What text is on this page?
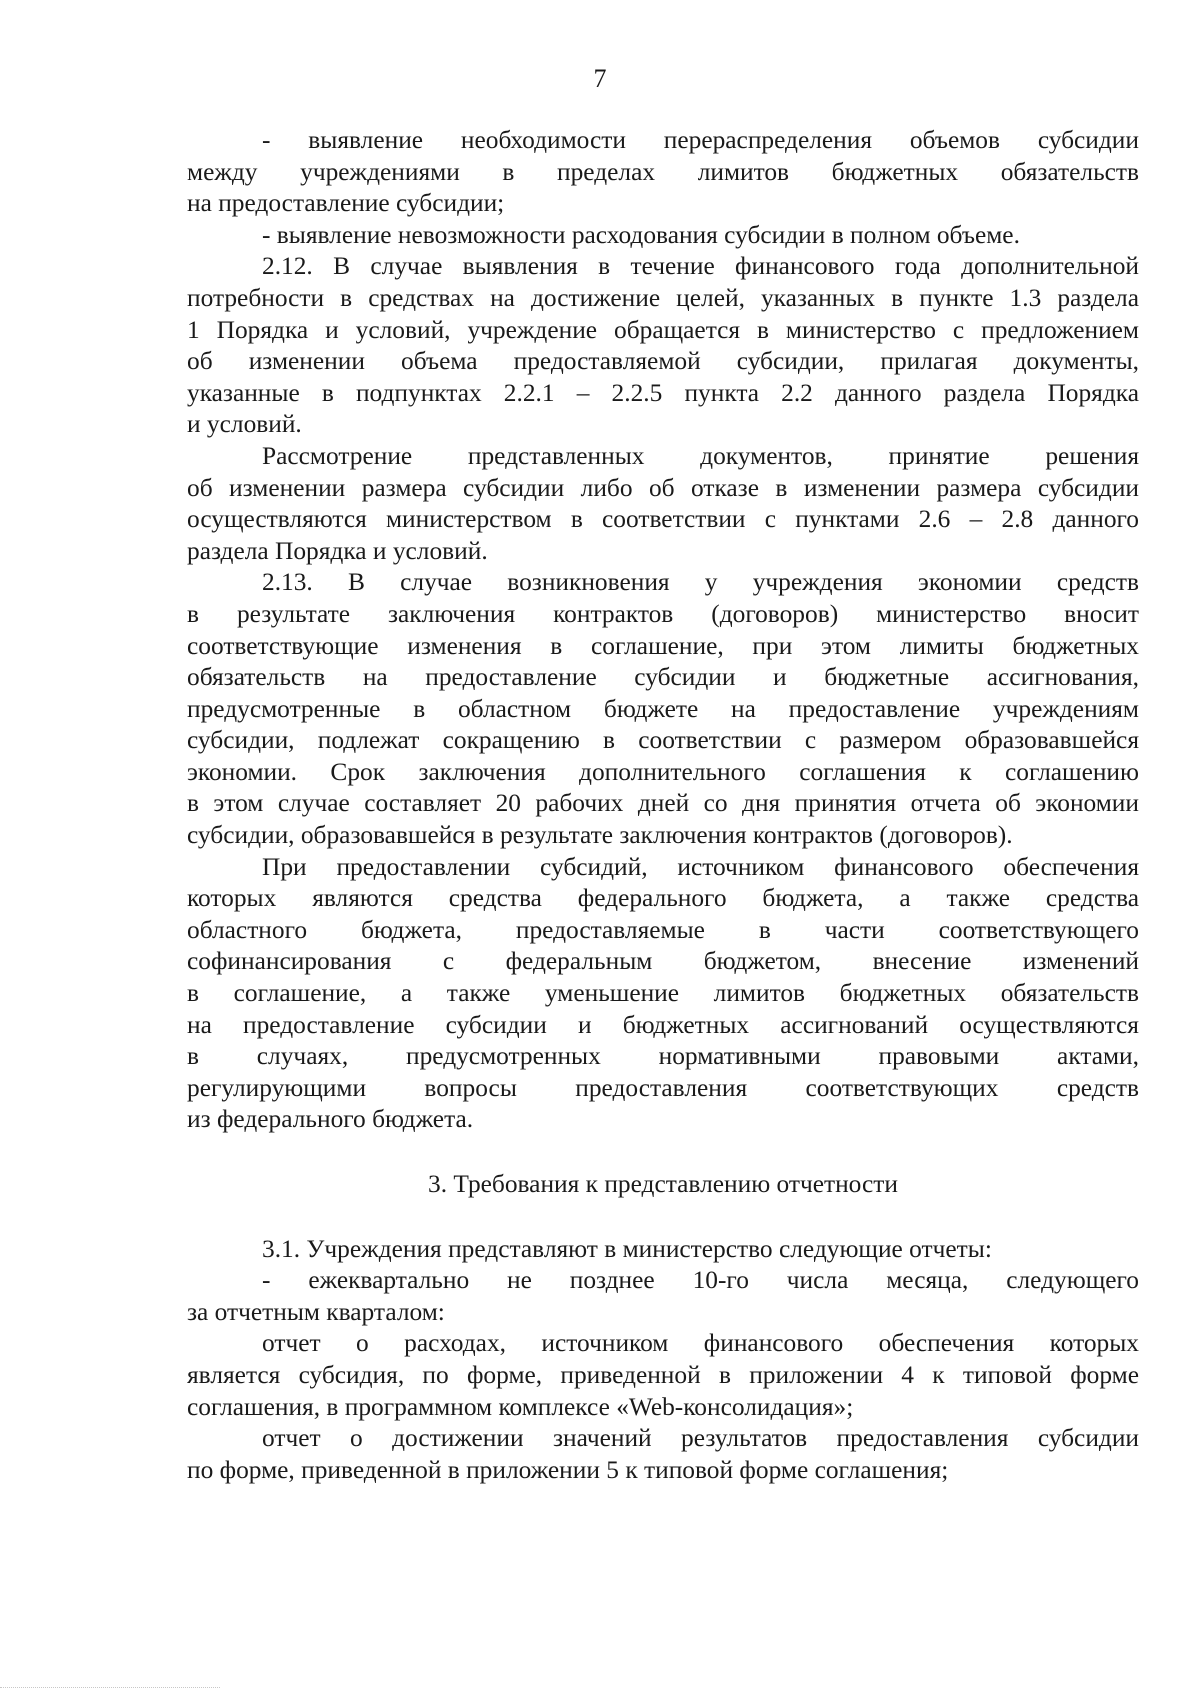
7
- выявление необходимости перераспределения объемов субсидии
между учреждениями в пределах лимитов бюджетных обязательств
на предоставление субсидии;
- выявление невозможности расходования субсидии в полном объеме.
2.12. В случае выявления в течение финансового года дополнительной
потребности в средствах на достижение целей, указанных в пункте 1.3 раздела
1 Порядка и условий, учреждение обращается в министерство с предложением
об изменении объема предоставляемой субсидии, прилагая документы,
указанные в подпунктах 2.2.1 – 2.2.5 пункта 2.2 данного раздела Порядка
и условий.
Рассмотрение представленных документов, принятие решения
об изменении размера субсидии либо об отказе в изменении размера субсидии
осуществляются министерством в соответствии с пунктами 2.6 – 2.8 данного
раздела Порядка и условий.
2.13. В случае возникновения у учреждения экономии средств
в результате заключения контрактов (договоров) министерство вносит
соответствующие изменения в соглашение, при этом лимиты бюджетных
обязательств на предоставление субсидии и бюджетные ассигнования,
предусмотренные в областном бюджете на предоставление учреждениям
субсидии, подлежат сокращению в соответствии с размером образовавшейся
экономии. Срок заключения дополнительного соглашения к соглашению
в этом случае составляет 20 рабочих дней со дня принятия отчета об экономии
субсидии, образовавшейся в результате заключения контрактов (договоров).
При предоставлении субсидий, источником финансового обеспечения
которых являются средства федерального бюджета, а также средства
областного бюджета, предоставляемые в части соответствующего
софинансирования с федеральным бюджетом, внесение изменений
в соглашение, а также уменьшение лимитов бюджетных обязательств
на предоставление субсидии и бюджетных ассигнований осуществляются
в случаях, предусмотренных нормативными правовыми актами,
регулирующими вопросы предоставления соответствующих средств
из федерального бюджета.
3. Требования к представлению отчетности
3.1. Учреждения представляют в министерство следующие отчеты:
- ежеквартально не позднее 10-го числа месяца, следующего
за отчетным кварталом:
отчет о расходах, источником финансового обеспечения которых
является субсидия, по форме, приведенной в приложении 4 к типовой форме
соглашения, в программном комплексе «Web-консолидация»;
отчет о достижении значений результатов предоставления субсидии
по форме, приведенной в приложении 5 к типовой форме соглашения;
